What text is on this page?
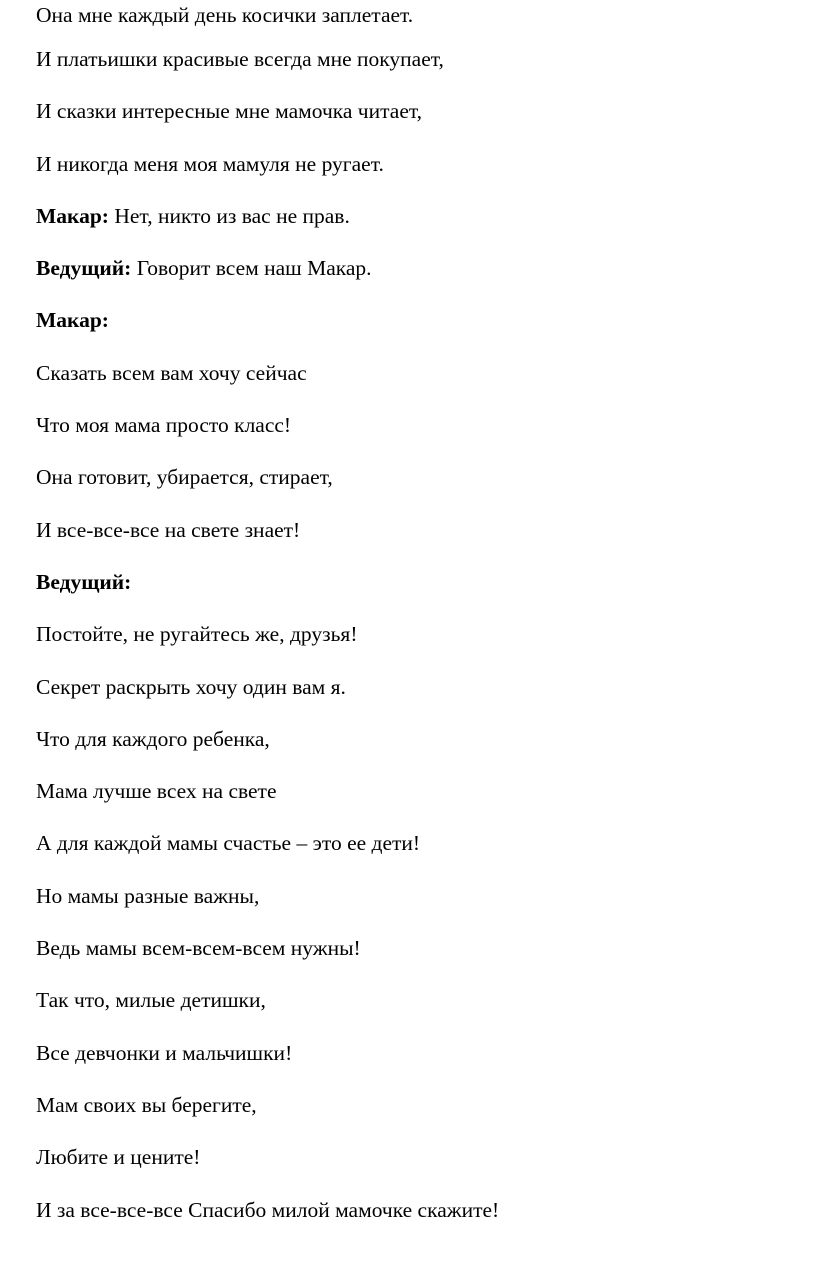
Она мне каждый день косички заплетает.
И платьишки красивые всегда мне покупает,
И сказки интересные мне мамочка читает,
И никогда меня моя мамуля не ругает.
Макар: Нет, никто из вас не прав.
Ведущий: Говорит всем наш Макар.
Макар:
Сказать всем вам хочу сейчас
Что моя мама просто класс!
Она готовит, убирается, стирает,
И все-все-все на свете знает!
Ведущий:
Постойте, не ругайтесь же, друзья!
Секрет раскрыть хочу один вам я.
Что для каждого ребенка,
Мама лучше всех на свете
А для каждой мамы счастье – это ее дети!
Но мамы разные важны,
Ведь мамы всем-всем-всем нужны!
Так что, милые детишки,
Все девчонки и мальчишки!
Мам своих вы берегите,
Любите и цените!
И за все-все-все Спасибо милой мамочке скажите!
